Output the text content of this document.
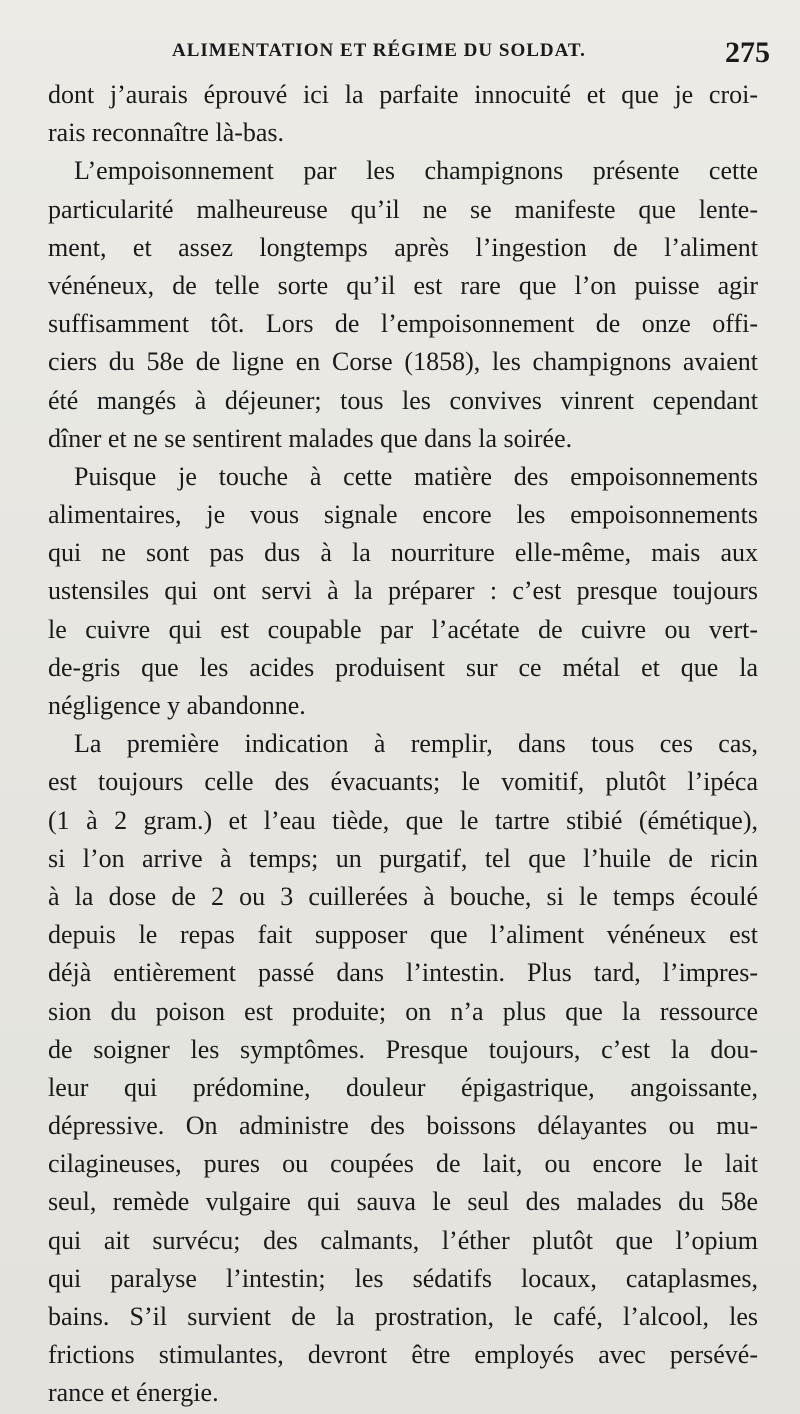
ALIMENTATION ET RÉGIME DU SOLDAT.	275
dont j’aurais éprouvé ici la parfaite innocuité et que je croi-
rais reconnaître là-bas.
L’empoisonnement par les champignons présente cette
particularité malheureuse qu’il ne se manifeste que lente-
ment, et assez longtemps après l’ingestion de l’aliment
vénéneux, de telle sorte qu’il est rare que l’on puisse agir
suffisamment tôt. Lors de l’empoisonnement de onze offi-
ciers du 58e de ligne en Corse (1858), les champignons avaient
été mangés à déjeuner; tous les convives vinrent cependant
dîner et ne se sentirent malades que dans la soirée.
Puisque je touche à cette matière des empoisonnements
alimentaires, je vous signale encore les empoisonnements
qui ne sont pas dus à la nourriture elle-même, mais aux
ustensiles qui ont servi à la préparer : c’est presque toujours
le cuivre qui est coupable par l’acétate de cuivre ou vert-
de-gris que les acides produisent sur ce métal et que la
négligence y abandonne.
La première indication à remplir, dans tous ces cas,
est toujours celle des évacuants; le vomitif, plutôt l’ipéca
(1 à 2 gram.) et l’eau tiède, que le tartre stibié (émétique),
si l’on arrive à temps; un purgatif, tel que l’huile de ricin
à la dose de 2 ou 3 cuillerées à bouche, si le temps écoulé
depuis le repas fait supposer que l’aliment vénéneux est
déjà entièrement passé dans l’intestin. Plus tard, l’impres-
sion du poison est produite; on n’a plus que la ressource
de soigner les symptômes. Presque toujours, c’est la dou-
leur qui prédomine, douleur épigastrique, angoissante,
dépressive. On administre des boissons délayantes ou mu-
cilagineuses, pures ou coupées de lait, ou encore le lait
seul, remède vulgaire qui sauva le seul des malades du 58e
qui ait survécu; des calmants, l’éther plutôt que l’opium
qui paralyse l’intestin; les sédatifs locaux, cataplasmes,
bains. S’il survient de la prostration, le café, l’alcool, les
frictions stimulantes, devront être employés avec persévé-
rance et énergie.
